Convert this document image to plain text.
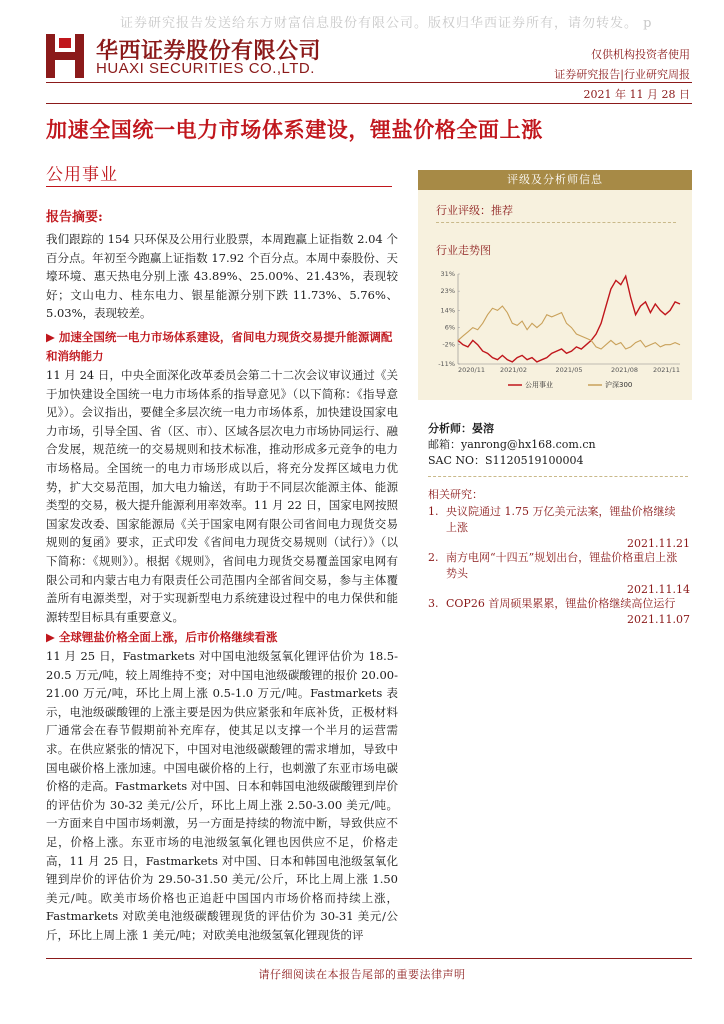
证券研究报告发送给东方财富信息股份有限公司。版权归华西证券所有，请勿转发。 p
华西证券股份有限公司
HUAXI SECURITIES CO.,LTD.
仅供机构投资者使用
证券研究报告|行业研究周报
2021 年 11 月 28 日
加速全国统一电力市场体系建设，锂盐价格全面上涨
公用事业
报告摘要:
我们跟踪的 154 只环保及公用行业股票，本周跑赢上证指数 2.04 个百分点。年初至今跑赢上证指数 17.92 个百分点。本周中泰股份、天壕环境、惠天热电分别上涨 43.89%、25.00%、21.43%，表现较好；文山电力、桂东电力、银星能源分别下跌 11.73%、5.76%、5.03%，表现较差。
▶ 加速全国统一电力市场体系建设，省间电力现货交易提升能源调配和消纳能力
11 月 24 日，中央全面深化改革委员会第二十二次会议审议通过《关于加快建设全国统一电力市场体系的指导意见》（以下简称：《指导意见》）。会议指出，要健全多层次统一电力市场体系，加快建设国家电力市场，引导全国、省（区、市）、区域各层次电力市场协同运行、融合发展，规范统一的交易规则和技术标准，推动形成多元竞争的电力市场格局。全国统一的电力市场形成以后，将充分发挥区域电力优势，扩大交易范围，加大电力输送，有助于不同层次能源主体、能源类型的交易，极大提升能源利用率效率。11 月 22 日，国家电网按照国家发改委、国家能源局《关于国家电网有限公司省间电力现货交易规则的复函》要求，正式印发《省间电力现货交易规则（试行）》（以下简称：《规则》）。根据《规则》，省间电力现货交易覆盖国家电网有限公司和内蒙古电力有限责任公司范围内全部省间交易，参与主体覆盖所有电源类型，对于实现新型电力系统建设过程中的电力保供和能源转型目标具有重要意义。
▶ 全球锂盐价格全面上涨，后市价格继续看涨
11 月 25 日，Fastmarkets 对中国电池级氢氧化锂评估价为 18.5-20.5 万元/吨，较上周维持不变；对中国电池级碳酸锂的报价 20.00-21.00 万元/吨，环比上周上涨 0.5-1.0 万元/吨。Fastmarkets 表示，电池级碳酸锂的上涨主要是因为供应紧张和年底补货，正极材料厂通常会在春节假期前补充库存，使其足以支撑一个半月的运营需求。在供应紧张的情况下，中国对电池级碳酸锂的需求增加，导致中国电碳价格上涨加速。中国电碳价格的上行，也刺激了东亚市场电碳价格的走高。Fastmarkets 对中国、日本和韩国电池级碳酸锂到岸价的评估价为 30-32 美元/公斤，环比上周上涨 2.50-3.00 美元/吨。一方面来自中国市场刺激，另一方面是持续的物流中断，导致供应不足，价格上涨。东亚市场的电池级氢氧化锂也因供应不足，价格走高，11 月 25 日，Fastmarkets 对中国、日本和韩国电池级氢氧化锂到岸价的评估价为 29.50-31.50 美元/公斤，环比上周上涨 1.50 美元/吨。欧美市场价格也正追赶中国国内市场价格而持续上涨，Fastmarkets 对欧美电池级碳酸锂现货的评估价为 30-31 美元/公斤，环比上周上涨 1 美元/吨；对欧美电池级氢氧化锂现货的评
评级及分析师信息
行业评级：推荐
行业走势图
31%
23%
14%
6%
-2%
-11%
2020/11 2021/02	2021/05	2021/08 2021/11
公用事业	沪深300
分析师：晏溶
邮箱：yanrong@hx168.com.cn
SAC NO：S1120519100004
相关研究：
1. 央议院通过 1.75 万亿美元法案，锂盐价格继续上涨
2021.11.21
2. 南方电网“十四五”规划出台，锂盐价格重启上涨势头
2021.11.14
3. COP26 首周硕果累累，锂盐价格继续高位运行
2021.11.07
请仔细阅读在本报告尾部的重要法律声明
